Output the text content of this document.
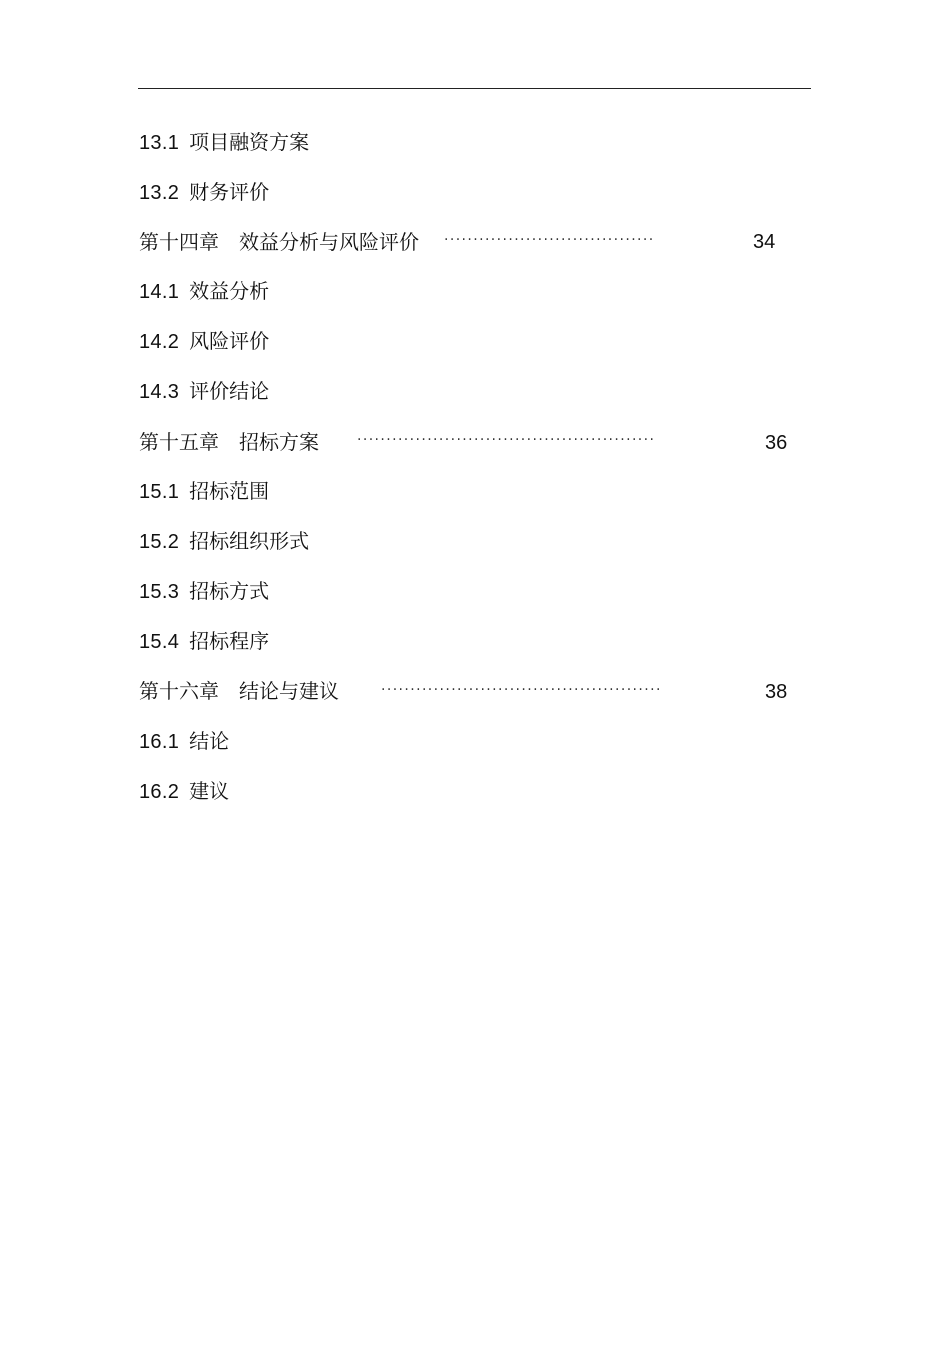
13.1 项目融资方案
13.2 财务评价
第十四章 效益分析与风险评价 ····································	34
14.1 效益分析
14.2 风险评价
14.3 评价结论
第十五章 招标方案	···················································	36
15.1 招标范围
15.2 招标组织形式
15.3 招标方式
15.4 招标程序
第十六章 结论与建议	················································	38
16.1 结论
16.2 建议
